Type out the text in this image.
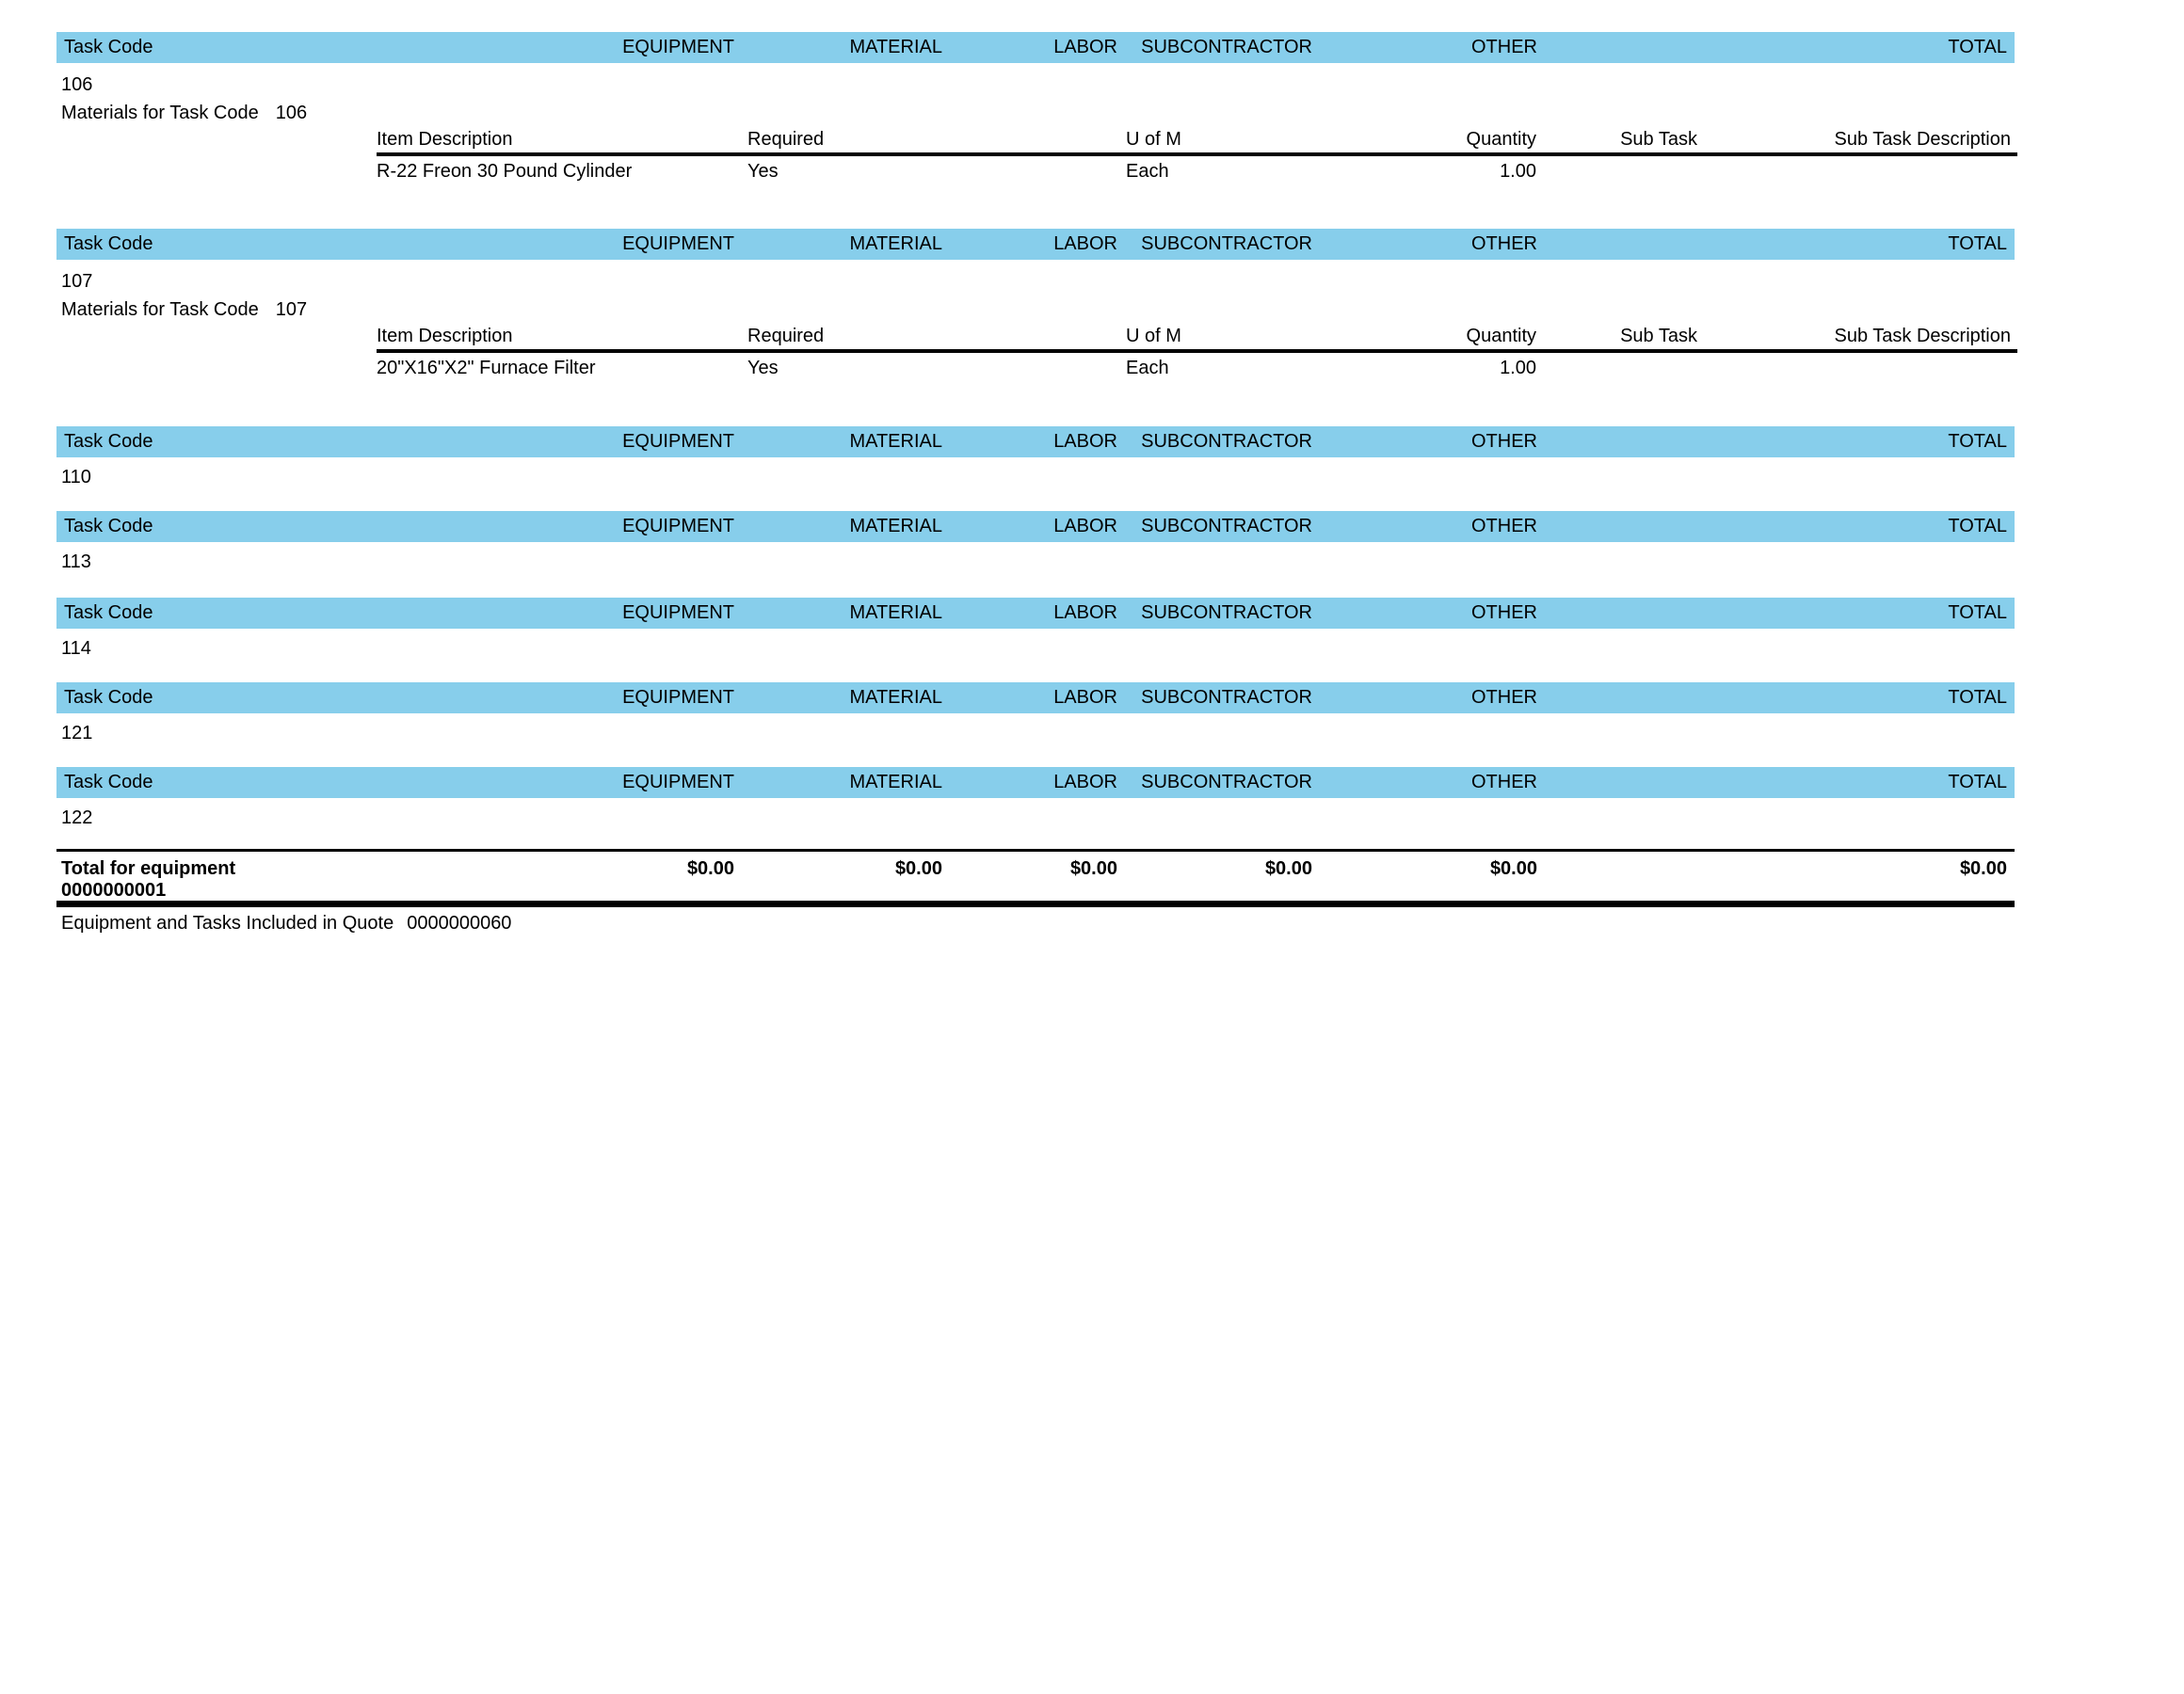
Task Code	EQUIPMENT	MATERIAL	LABOR	SUBCONTRACTOR	OTHER	TOTAL
106
Materials for Task Code 106
Item Description	Required	U of M	Quantity	Sub Task	Sub Task Description
R-22 Freon 30 Pound Cylinder	Yes	Each	1.00
Task Code	EQUIPMENT	MATERIAL	LABOR	SUBCONTRACTOR	OTHER	TOTAL
107
Materials for Task Code 107
Item Description	Required	U of M	Quantity	Sub Task	Sub Task Description
20"X16"X2" Furnace Filter	Yes	Each	1.00
Task Code	EQUIPMENT	MATERIAL	LABOR	SUBCONTRACTOR	OTHER	TOTAL
110
Task Code	EQUIPMENT	MATERIAL	LABOR	SUBCONTRACTOR	OTHER	TOTAL
113
Task Code	EQUIPMENT	MATERIAL	LABOR	SUBCONTRACTOR	OTHER	TOTAL
114
Task Code	EQUIPMENT	MATERIAL	LABOR	SUBCONTRACTOR	OTHER	TOTAL
121
Task Code	EQUIPMENT	MATERIAL	LABOR	SUBCONTRACTOR	OTHER	TOTAL
122
Total for equipment
0000000001
$0.00	$0.00	$0.00	$0.00	$0.00	$0.00
Equipment and Tasks Included in Quote 0000000060
